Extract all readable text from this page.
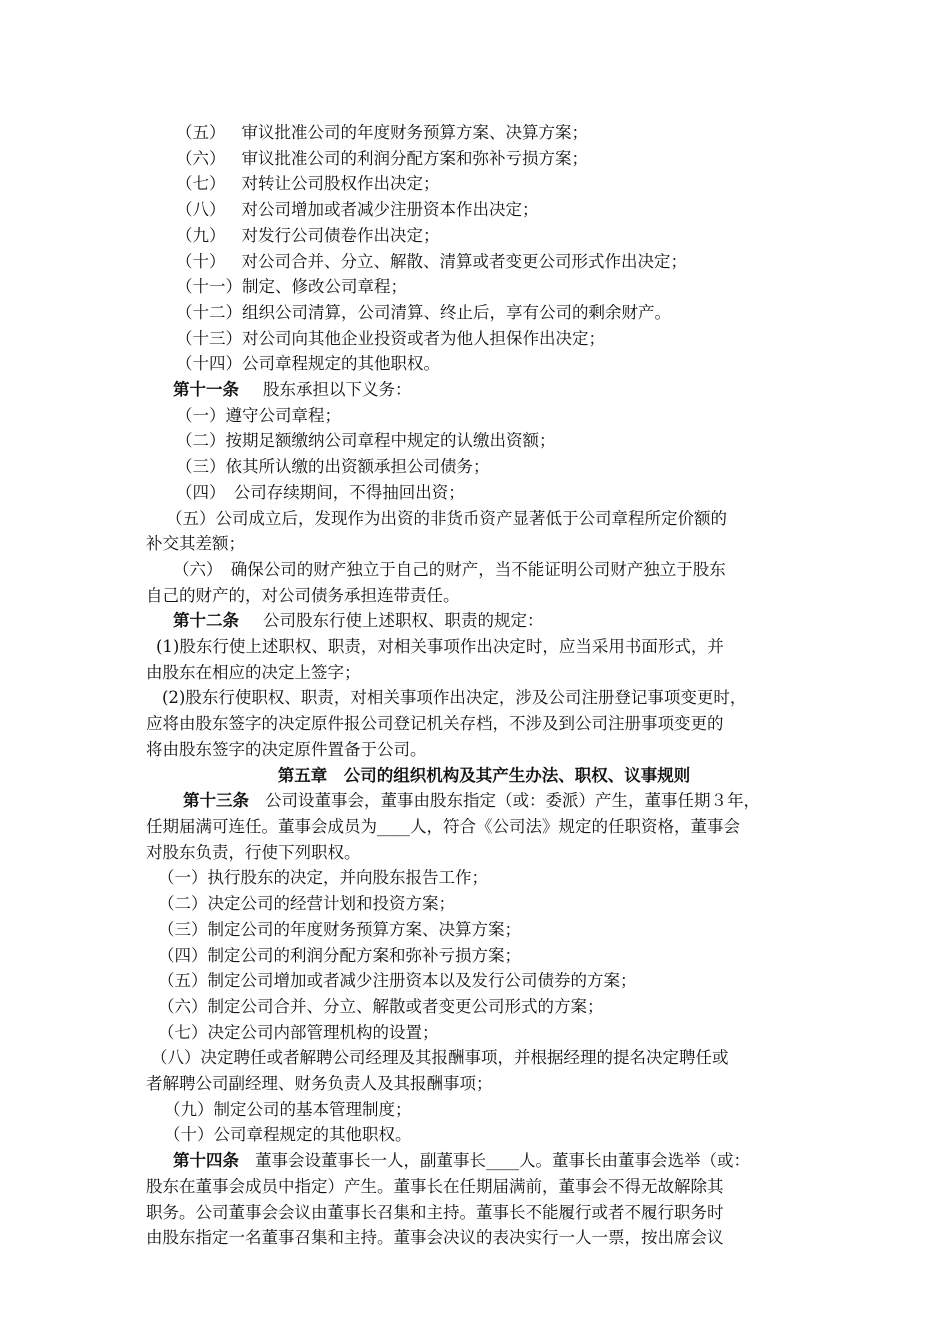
（五） 审议批准公司的年度财务预算方案、决算方案；

（六） 审议批准公司的利润分配方案和弥补亏损方案；

（七） 对转让公司股权作出决定；

（八） 对公司增加或者减少注册资本作出决定；

（九） 对发行公司债卷作出决定；

（十） 对公司合并、分立、解散、清算或者变更公司形式作出决定；

（十一）制定、修改公司章程；

（十二）组织公司清算，公司清算、终止后，享有公司的剩余财产。

（十三）对公司向其他企业投资或者为他人担保作出决定；

（十四）公司章程规定的其他职权。

第十一条 股东承担以下义务：

（一）遵守公司章程；

（二）按期足额缴纳公司章程中规定的认缴出资额；

（三）依其所认缴的出资额承担公司债务；

（四）　公司存续期间，不得抽回出资；

（五）公司成立后，发现作为出资的非货币资产显著低于公司章程所定价额的

补交其差额；

（六）　确保公司的财产独立于自己的财产，当不能证明公司财产独立于股东

自己的财产的，对公司债务承担连带责任。

第十二条 公司股东行使上述职权、职责的规定：

(1)股东行使上述职权、职责，对相关事项作出决定时，应当采用书面形式，并

由股东在相应的决定上签字；

(2)股东行使职权、职责，对相关事项作出决定，涉及公司注册登记事项变更时，

应将由股东签字的决定原件报公司登记机关存档，不涉及到公司注册事项变更的

将由股东签字的决定原件置备于公司。

第五章　公司的组织机构及其产生办法、职权、议事规则

第十三条 公司设董事会，董事由股东指定（或：委派）产生，董事任期３年，

任期届满可连任。董事会成员为____人，符合《公司法》规定的任职资格，董事会

对股东负责，行使下列职权。

（一）执行股东的决定，并向股东报告工作；

（二）决定公司的经营计划和投资方案；

（三）制定公司的年度财务预算方案、决算方案；

（四）制定公司的利润分配方案和弥补亏损方案；

（五）制定公司增加或者减少注册资本以及发行公司债券的方案；

（六）制定公司合并、分立、解散或者变更公司形式的方案；

（七）决定公司内部管理机构的设置；

（八）决定聘任或者解聘公司经理及其报酬事项，并根据经理的提名决定聘任或

者解聘公司副经理、财务负责人及其报酬事项；

（九）制定公司的基本管理制度；

（十）公司章程规定的其他职权。

第十四条 董事会设董事长一人，副董事长____人。董事长由董事会选举（或：

股东在董事会成员中指定）产生。董事长在任期届满前，董事会不得无故解除其

职务。公司董事会会议由董事长召集和主持。董事长不能履行或者不履行职务时

由股东指定一名董事召集和主持。董事会决议的表决实行一人一票，按出席会议
